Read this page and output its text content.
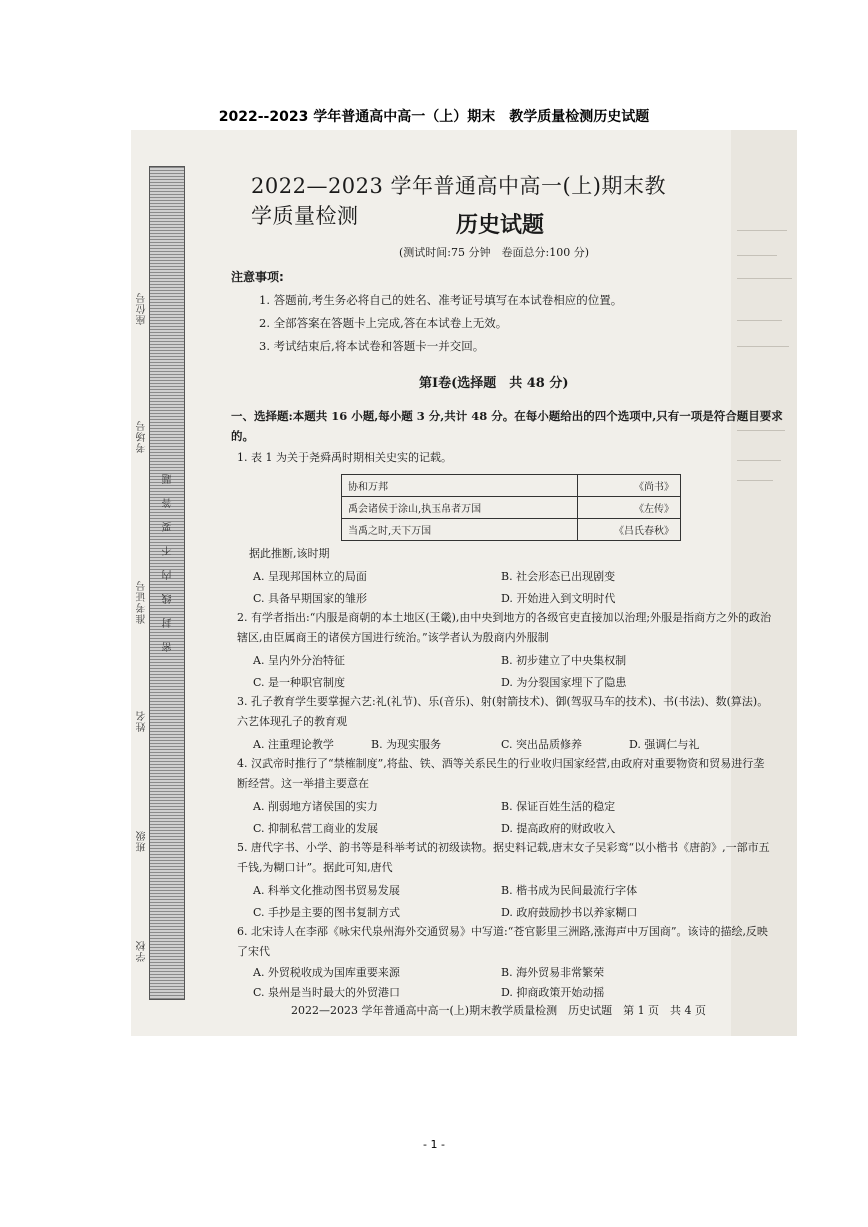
2022--2023 学年普通高中高一（上）期末　教学质量检测历史试题
座位号
考场号
准考证号
姓名
班级
学校
密封线内不要答题
2022—2023 学年普通高中高一(上)期末教学质量检测	历史试题
(测试时间:75 分钟　卷面总分:100 分)
注意事项:
1. 答题前,考生务必将自己的姓名、准考证号填写在本试卷相应的位置。
2. 全部答案在答题卡上完成,答在本试卷上无效。
3. 考试结束后,将本试卷和答题卡一并交回。
第Ⅰ卷(选择题　共 48 分)
一、选择题:本题共 16 小题,每小题 3 分,共计 48 分。在每小题给出的四个选项中,只有一项是符合题目要求的。
1. 表 1 为关于尧舜禹时期相关史实的记载。
协和万邦	《尚书》
禹会诸侯于涂山,执玉帛者万国	《左传》
当禹之时,天下万国	《吕氏春秋》
据此推断,该时期
A. 呈现邦国林立的局面	B. 社会形态已出现剧变
C. 具备早期国家的雏形	D. 开始进入到文明时代
2. 有学者指出:“内服是商朝的本土地区(王畿),由中央到地方的各级官吏直接加以治理;外服是指商方之外的政治辖区,由臣属商王的诸侯方国进行统治。”该学者认为殷商内外服制
A. 呈内外分治特征	B. 初步建立了中央集权制
C. 是一种职官制度	D. 为分裂国家埋下了隐患
3. 孔子教育学生要掌握六艺:礼(礼节)、乐(音乐)、射(射箭技术)、御(驾驭马车的技术)、书(书法)、数(算法)。六艺体现孔子的教育观
A. 注重理论教学	B. 为现实服务	C. 突出品质修养	D. 强调仁与礼
4. 汉武帝时推行了“禁榷制度”,将盐、铁、酒等关系民生的行业收归国家经营,由政府对重要物资和贸易进行垄断经营。这一举措主要意在
A. 削弱地方诸侯国的实力	B. 保证百姓生活的稳定
C. 抑制私营工商业的发展	D. 提高政府的财政收入
5. 唐代字书、小学、韵书等是科举考试的初级读物。据史料记载,唐末女子吴彩鸾“以小楷书《唐韵》,一部市五千钱,为糊口计”。据此可知,唐代
A. 科举文化推动图书贸易发展	B. 楷书成为民间最流行字体
C. 手抄是主要的图书复制方式	D. 政府鼓励抄书以养家糊口
6. 北宋诗人在李邴《咏宋代泉州海外交通贸易》中写道:“苍官影里三洲路,涨海声中万国商”。该诗的描绘,反映了宋代
A. 外贸税收成为国库重要来源	B. 海外贸易非常繁荣
C. 泉州是当时最大的外贸港口	D. 抑商政策开始动摇
2022—2023 学年普通高中高一(上)期末教学质量检测　历史试题　第 1 页　共 4 页
- 1 -
